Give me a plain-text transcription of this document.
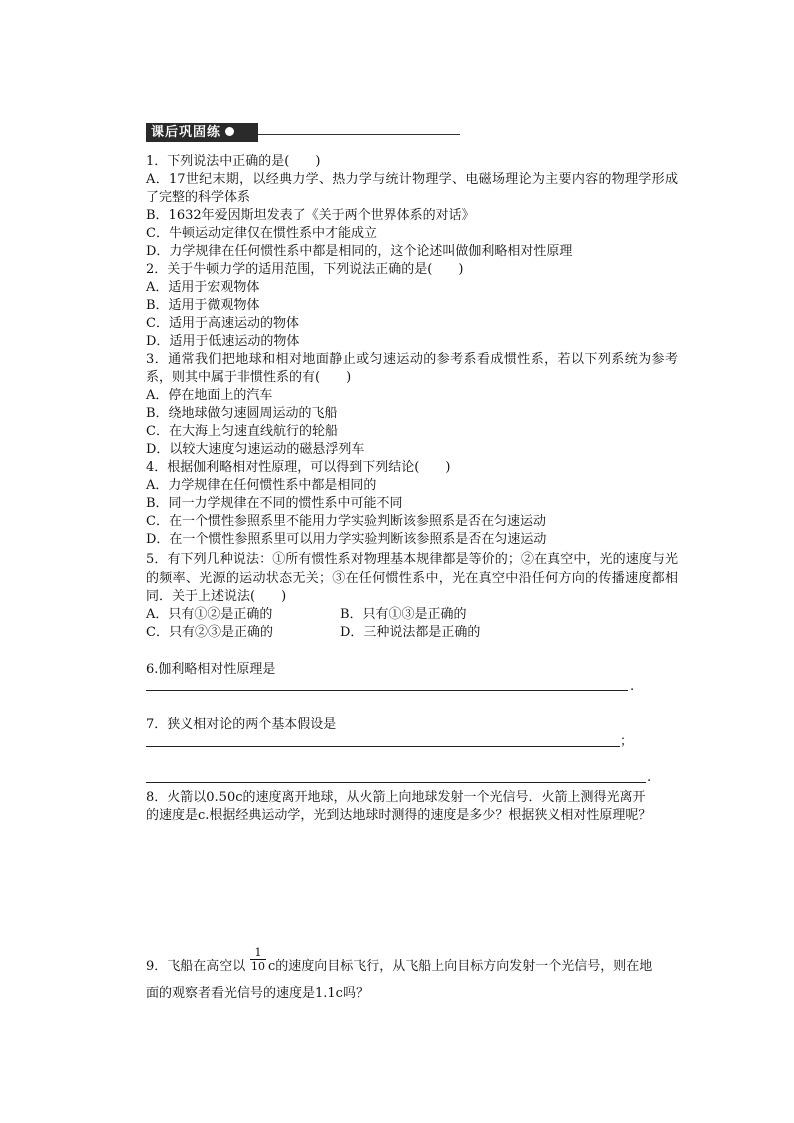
课后巩固练
1．下列说法中正确的是(　　)
A．17世纪末期，以经典力学、热力学与统计物理学、电磁场理论为主要内容的物理学形成了完整的科学体系
B．1632年爱因斯坦发表了《关于两个世界体系的对话》
C．牛顿运动定律仅在惯性系中才能成立
D．力学规律在任何惯性系中都是相同的，这个论述叫做伽利略相对性原理
2．关于牛顿力学的适用范围，下列说法正确的是(　　)
A．适用于宏观物体
B．适用于微观物体
C．适用于高速运动的物体
D．适用于低速运动的物体
3．通常我们把地球和相对地面静止或匀速运动的参考系看成惯性系，若以下列系统为参考系，则其中属于非惯性系的有(　　)
A．停在地面上的汽车
B．绕地球做匀速圆周运动的飞船
C．在大海上匀速直线航行的轮船
D．以较大速度匀速运动的磁悬浮列车
4．根据伽利略相对性原理，可以得到下列结论(　　)
A．力学规律在任何惯性系中都是相同的
B．同一力学规律在不同的惯性系中可能不同
C．在一个惯性参照系里不能用力学实验判断该参照系是否在匀速运动
D．在一个惯性参照系里可以用力学实验判断该参照系是否在匀速运动
5．有下列几种说法：①所有惯性系对物理基本规律都是等价的；②在真空中，光的速度与光的频率、光源的运动状态无关；③在任何惯性系中，光在真空中沿任何方向的传播速度都相同．关于上述说法(　　)
A．只有①②是正确的	B．只有①③是正确的
C．只有②③是正确的	D．三种说法都是正确的
6.伽利略相对性原理是
.
7．狭义相对论的两个基本假设是
；
.
8．火箭以0.50c的速度离开地球，从火箭上向地球发射一个光信号．火箭上测得光离开
的速度是c.根据经典运动学，光到达地球时测得的速度是多少？根据狭义相对性原理呢？
9．飞船在高空以
1
10 c的速度向目标飞行，从飞船上向目标方向发射一个光信号，则在地
面的观察者看光信号的速度是1.1c吗？
